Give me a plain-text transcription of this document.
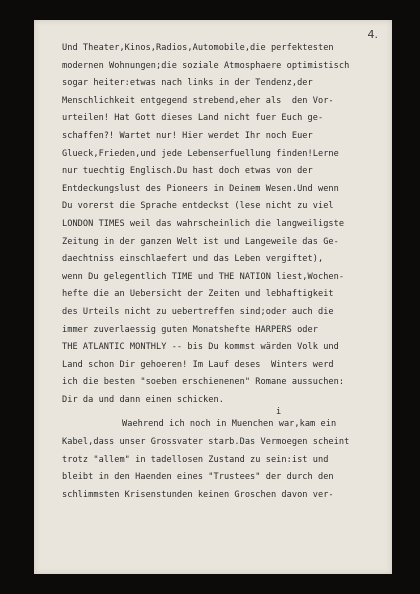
4.
i
Und Theater,Kinos,Radios,Automobile,die perfektesten
modernen Wohnungen;die soziale Atmosphaere optimistisch
sogar heiter:etwas nach links in der Tendenz,der
Menschlichkeit entgegend strebend,eher als  den Vor-
urteilen! Hat Gott dieses Land nicht fuer Euch ge-
schaffen?! Wartet nur! Hier werdet Ihr noch Euer
Glueck,Frieden,und jede Lebenserfuellung finden!Lerne
nur tuechtig Englisch.Du hast doch etwas von der
Entdeckungslust des Pioneers in Deinem Wesen.Und wenn
Du vorerst die Sprache entdeckst (lese nicht zu viel
LONDON TIMES weil das wahrscheinlich die langweiligste
Zeitung in der ganzen Welt ist und Langeweile das Ge-
daechtniss einschlaefert und das Leben vergiftet),
wenn Du gelegentlich TIME und THE NATION liest,Wochen-
hefte die an Uebersicht der Zeiten und lebhaftigkeit
des Urteils nicht zu uebertreffen sind;oder auch die
immer zuverlaessig guten Monatshefte HARPERS oder
THE ATLANTIC MONTHLY -- bis Du kommst wärden Volk und
Land schon Dir gehoeren! Im Lauf deses  Winters werd
ich die besten "soeben erschienenen" Romane aussuchen:
Dir da und dann einen schicken.
Waehrend ich noch in Muenchen war,kam ein
Kabel,dass unser Grossvater starb.Das Vermoegen scheint
trotz "allem" in tadellosen Zustand zu sein:ist und
bleibt in den Haenden eines "Trustees" der durch den
schlimmsten Krisenstunden keinen Groschen davon ver-
